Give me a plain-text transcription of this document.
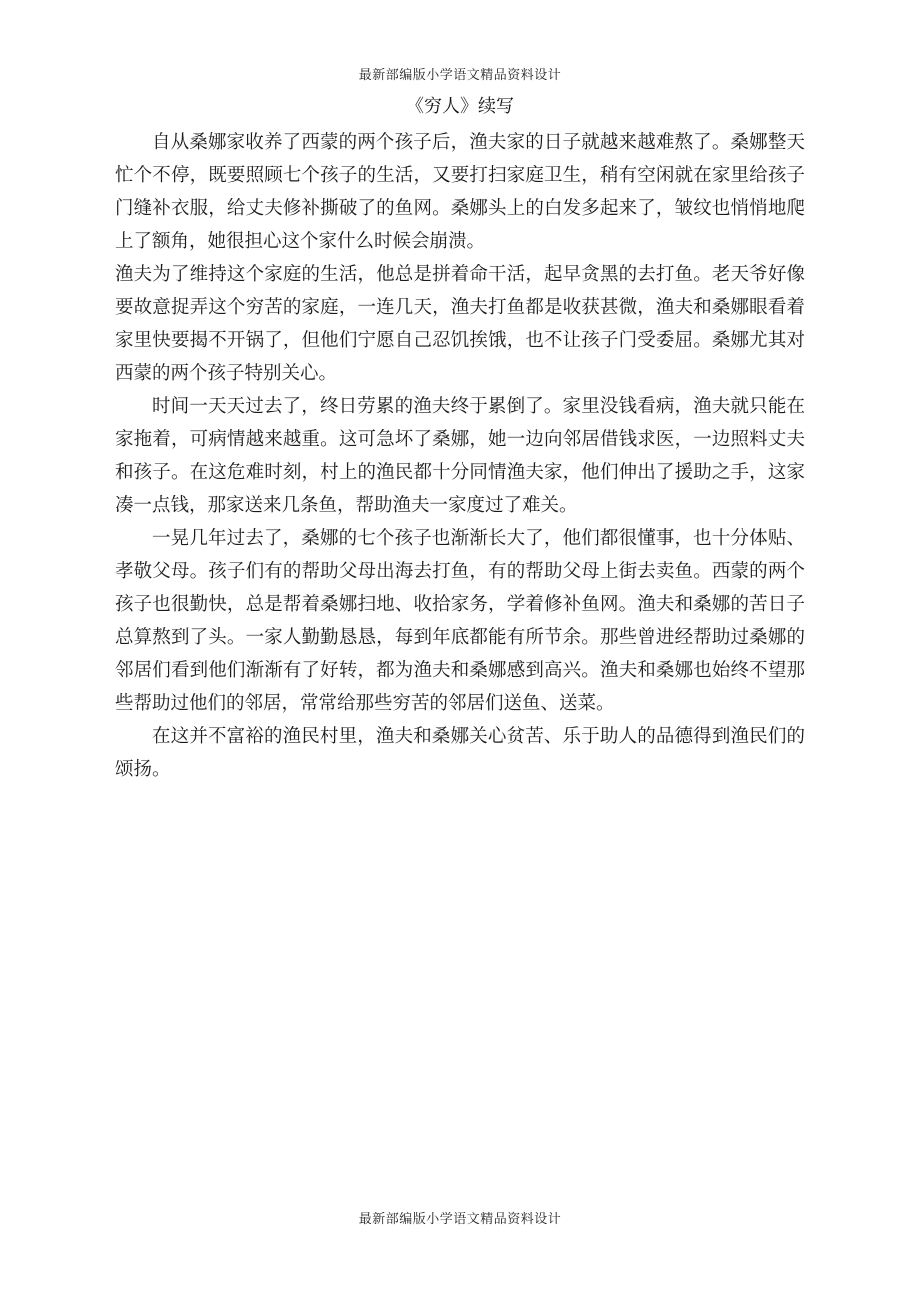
最新部编版小学语文精品资料设计
《穷人》续写

自从桑娜家收养了西蒙的两个孩子后，渔夫家的日子就越来越难熬了。桑娜整天忙个不停，既要照顾七个孩子的生活，又要打扫家庭卫生，稍有空闲就在家里给孩子门缝补衣服，给丈夫修补撕破了的鱼网。桑娜头上的白发多起来了，皱纹也悄悄地爬上了额角，她很担心这个家什么时候会崩溃。

渔夫为了维持这个家庭的生活，他总是拼着命干活，起早贪黑的去打鱼。老天爷好像要故意捉弄这个穷苦的家庭，一连几天，渔夫打鱼都是收获甚微，渔夫和桑娜眼看着家里快要揭不开锅了，但他们宁愿自己忍饥挨饿，也不让孩子门受委屈。桑娜尤其对西蒙的两个孩子特别关心。

时间一天天过去了，终日劳累的渔夫终于累倒了。家里没钱看病，渔夫就只能在家拖着，可病情越来越重。这可急坏了桑娜，她一边向邻居借钱求医，一边照料丈夫和孩子。在这危难时刻，村上的渔民都十分同情渔夫家，他们伸出了援助之手，这家凑一点钱，那家送来几条鱼，帮助渔夫一家度过了难关。

一晃几年过去了，桑娜的七个孩子也渐渐长大了，他们都很懂事，也十分体贴、孝敬父母。孩子们有的帮助父母出海去打鱼，有的帮助父母上街去卖鱼。西蒙的两个孩子也很勤快，总是帮着桑娜扫地、收拾家务，学着修补鱼网。渔夫和桑娜的苦日子总算熬到了头。一家人勤勤恳恳，每到年底都能有所节余。那些曾进经帮助过桑娜的邻居们看到他们渐渐有了好转，都为渔夫和桑娜感到高兴。渔夫和桑娜也始终不望那些帮助过他们的邻居，常常给那些穷苦的邻居们送鱼、送菜。

在这并不富裕的渔民村里，渔夫和桑娜关心贫苦、乐于助人的品德得到渔民们的颂扬。

最新部编版小学语文精品资料设计
